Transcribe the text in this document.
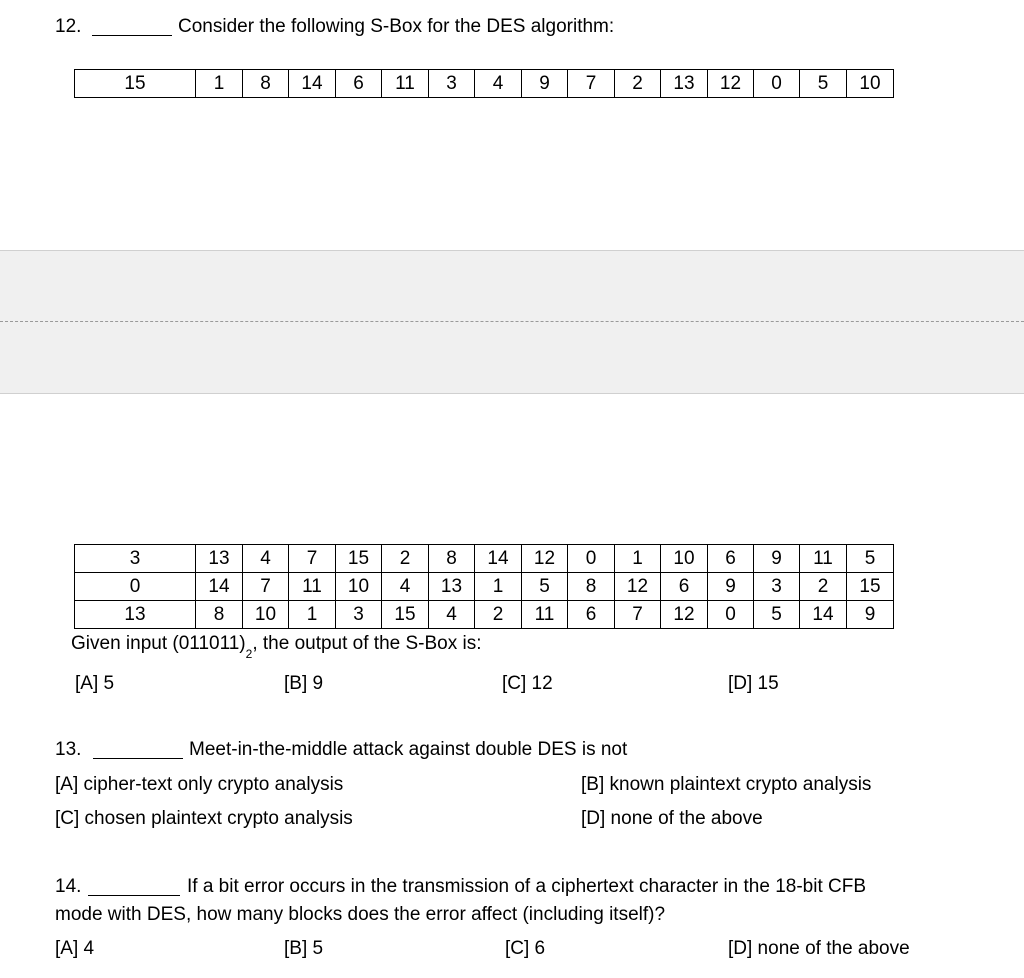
12.	Consider the following S-Box for the DES algorithm:
15	1	8	14	6	11	3	4	9	7	2	13	12	0	5	10
3	13	4	7	15	2	8	14	12	0	1	10	6	9	11	5
0	14	7	11	10	4	13	1	5	8	12	6	9	3	2	15
13	8	10	1	3	15	4	2	11	6	7	12	0	5	14	9
Given input $(011011)_2$, the output of the S-Box is:
[A] 5	[B] 9	[C] 12	[D] 15
13.	Meet-in-the-middle attack against double DES is not
[A] cipher-text only crypto analysis	[B] known plaintext crypto analysis
[C] chosen plaintext crypto analysis	[D] none of the above
14.	If a bit error occurs in the transmission of a ciphertext character in the 18-bit CFB
mode with DES, how many blocks does the error affect (including itself)?
[A] 4	[B] 5	[C] 6	[D] none of the above
